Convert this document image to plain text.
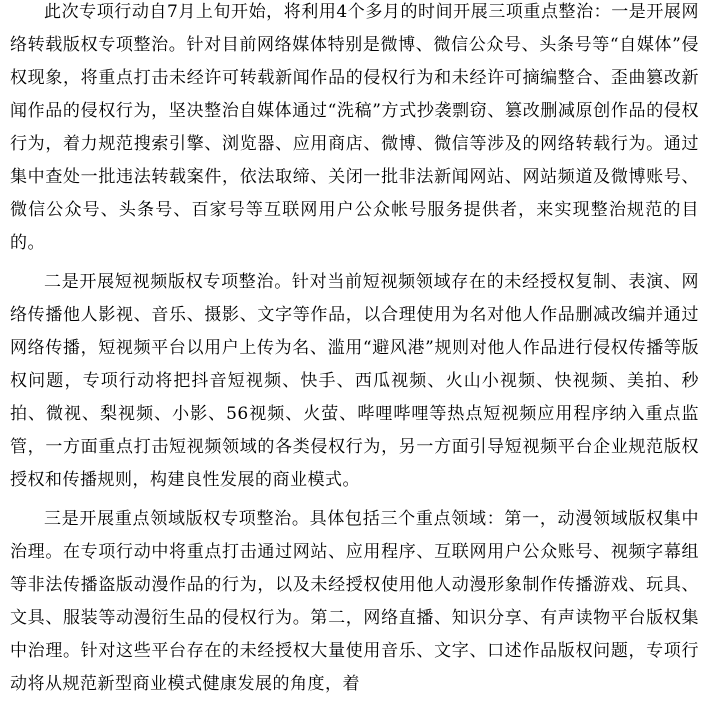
此次专项行动自7月上旬开始，将利用4个多月的时间开展三项重点整治：一是开展网络转载版权专项整治。针对目前网络媒体特别是微博、微信公众号、头条号等“自媒体”侵权现象，将重点打击未经许可转载新闻作品的侵权行为和未经许可摘编整合、歪曲篡改新闻作品的侵权行为，坚决整治自媒体通过“洗稿”方式抄袭剽窃、篡改删减原创作品的侵权行为，着力规范搜索引擎、浏览器、应用商店、微博、微信等涉及的网络转载行为。通过集中查处一批违法转载案件，依法取缔、关闭一批非法新闻网站、网站频道及微博账号、微信公众号、头条号、百家号等互联网用户公众帐号服务提供者，来实现整治规范的目的。

二是开展短视频版权专项整治。针对当前短视频领域存在的未经授权复制、表演、网络传播他人影视、音乐、摄影、文字等作品，以合理使用为名对他人作品删减改编并通过网络传播，短视频平台以用户上传为名、滥用“避风港”规则对他人作品进行侵权传播等版权问题，专项行动将把抖音短视频、快手、西瓜视频、火山小视频、快视频、美拍、秒拍、微视、梨视频、小影、56视频、火萤、哔哩哔哩等热点短视频应用程序纳入重点监管，一方面重点打击短视频领域的各类侵权行为，另一方面引导短视频平台企业规范版权授权和传播规则，构建良性发展的商业模式。

三是开展重点领域版权专项整治。具体包括三个重点领域：第一，动漫领域版权集中治理。在专项行动中将重点打击通过网站、应用程序、互联网用户公众账号、视频字幕组等非法传播盗版动漫作品的行为，以及未经授权使用他人动漫形象制作传播游戏、玩具、文具、服装等动漫衍生品的侵权行为。第二，网络直播、知识分享、有声读物平台版权集中治理。针对这些平台存在的未经授权大量使用音乐、文字、口述作品版权问题，专项行动将从规范新型商业模式健康发展的角度，着
